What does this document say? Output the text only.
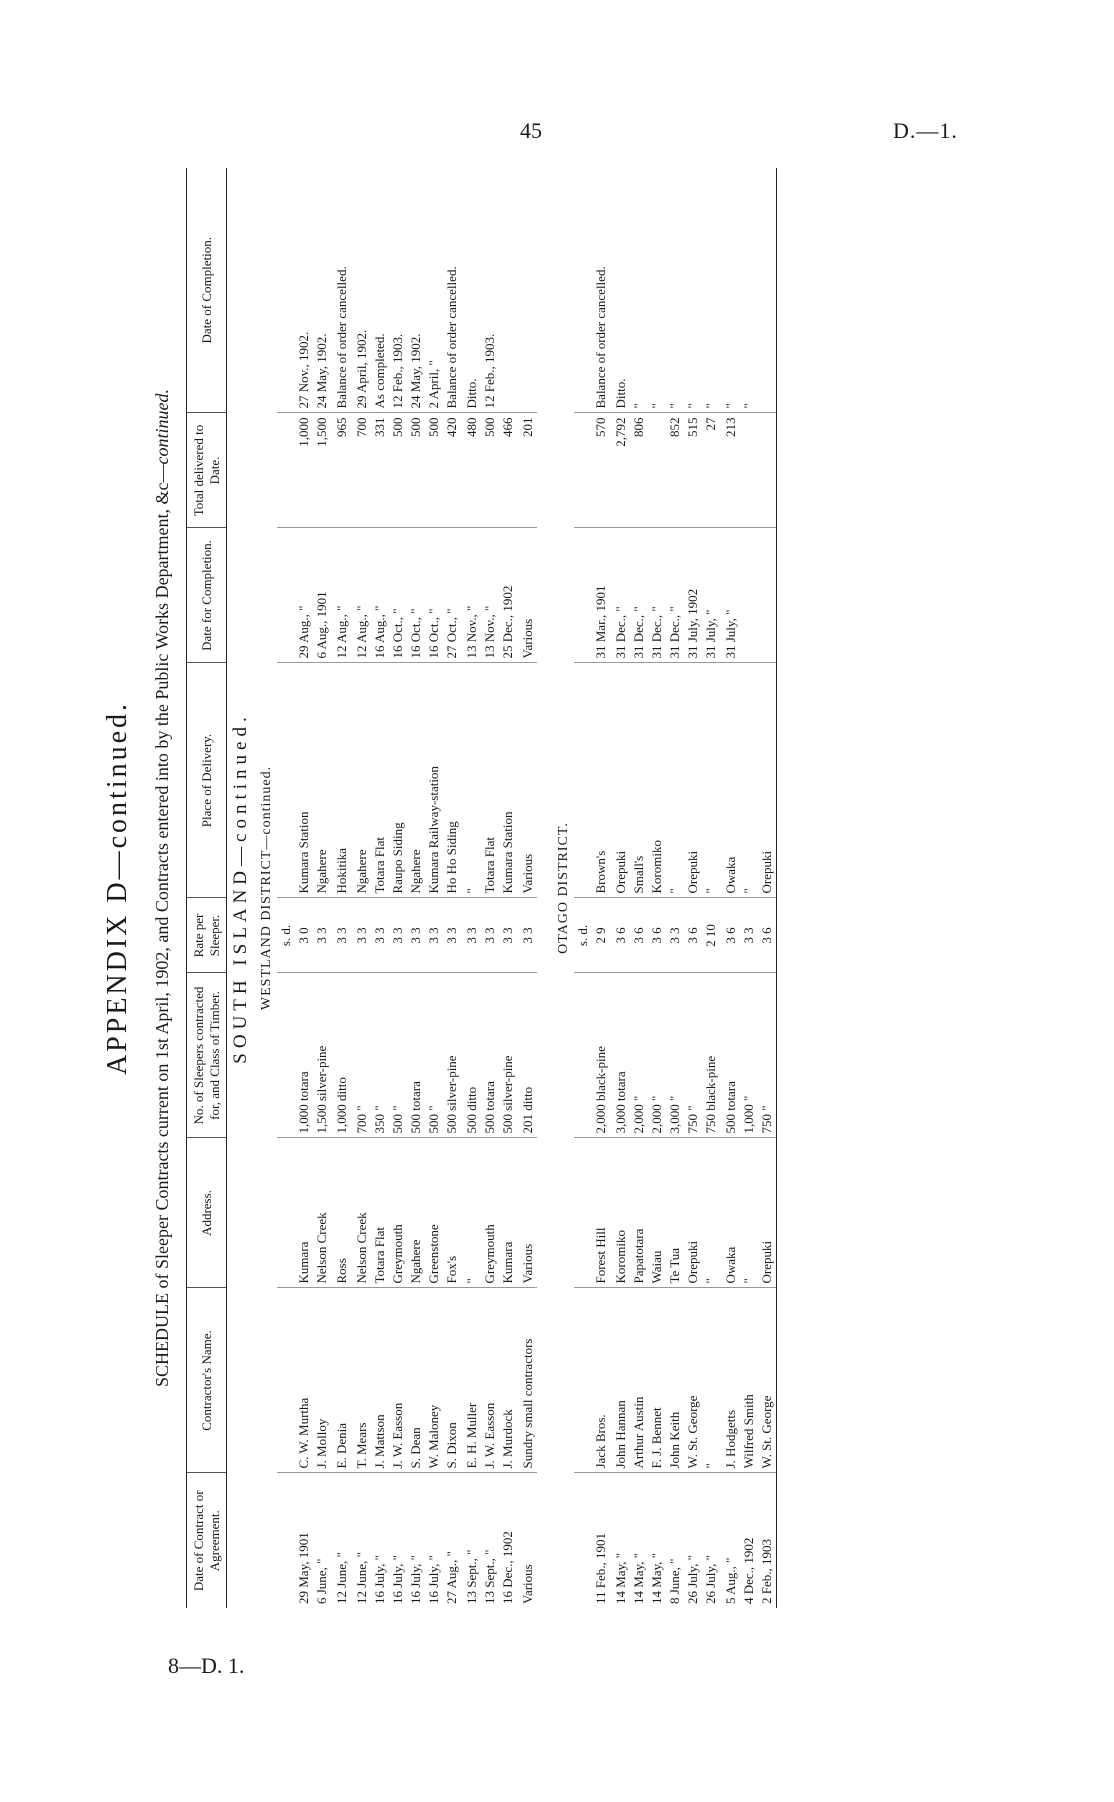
45	D.—1.
8—D. 1.
APPENDIX D—continued. SCHEDULE of Sleeper Contracts current on 1st April, 1902, and Contracts entered into by the Public Works Department, &c—continued.
Date of Contract or Agreement.	Contractor's Name.	Address.	No. of Sleepers contracted for, and Class of Timber.	Rate per Sleeper.	Place of Delivery.	Date for Completion.	Total delivered to Date.	Date of Completion.
SOUTH ISLAND—continued.								
WESTLAND DISTRICT—continued.								
				s. d.				
29 May, 1901	C. W. Murtha	Kumara	1,000 totara	3 0	Kumara Station	29 Aug., "	1,000	27 Nov., 1902.
6 June, "	J. Molloy	Nelson Creek	1,500 silver-pine	3 3	Ngahere	6 Aug., 1901	1,500	24 May, 1902.

12 June, "	E. Denia	Ross	1,000 ditto	3 3	Hokitika	12 Aug., "	965	Balance of order cancelled.

12 June, "	T. Mears	Nelson Creek	700 "	3 3	Ngahere	12 Aug., "	700	29 April, 1902.
16 July, "	J. Mattson	Totara Flat	350 "	3 3	Totara Flat	16 Aug., "	331	As completed.
16 July, "	J. W. Easson	Greymouth	500 "	3 3	Raupo Siding	16 Oct., "	500	12 Feb., 1903.
16 July, "	S. Dean	Ngahere	500 totara	3 3	Ngahere	16 Oct., "	500	24 May, 1902.
16 July, "	W. Maloney	Greenstone	500 "	3 3	Kumara Railway-station	16 Oct., "	500	2 April, "
27 Aug., "	S. Dixon	Fox's	500 silver-pine	3 3	Ho Ho Siding	27 Oct., "	420	Balance of order cancelled.

13 Sept., "	E. H. Muller	"	500 ditto	3 3	"	13 Nov., "	480	Ditto.
13 Sept., "	J. W. Easson	Greymouth	500 totara	3 3	Totara Flat	13 Nov., "	500	12 Feb., 1903.
16 Dec., 1902	J. Murdock	Kumara	500 silver-pine	3 3	Kumara Station	25 Dec., 1902	466	

Various	Sundry small contractors	Various	201 ditto	3 3	Various	Various	201	

OTAGO DISTRICT.								
				s. d.				
11 Feb., 1901	Jack Bros.	Forest Hill	2,000 black-pine	2 9	Brown's	31 Mar., 1901	570	Balance of order cancelled.

14 May, "	John Hannan	Koromiko	3,000 totara	3 6	Orepuki	31 Dec., "	2,792	Ditto.
14 May, "	Arthur Austin	Papatotara	2,000 "	3 6	Small's	31 Dec., "	806	"
14 May, "	F. J. Bennet	Waiau	2,000 "	3 6	Koromiko	31 Dec., "		"
8 June, "	John Keith	Te Tua	3,000 "	3 3	"	31 Dec., "	852	"
26 July, "	W. St. George	Orepuki	750 "	3 6	Orepuki	31 July, 1902	515	"
26 July, "	"	"	750 black-pine	2 10	"	31 July, "	27	"

5 Aug., "	J. Hodgetts	Owaka	500 totara	3 6	Owaka	31 July, "	213	"
4 Dec., 1902	Wilfred Smith	"	1,000 "	3 3	"			"
2 Feb., 1903	W. St. George	Orepuki	750 "	3 6	Orepuki			
